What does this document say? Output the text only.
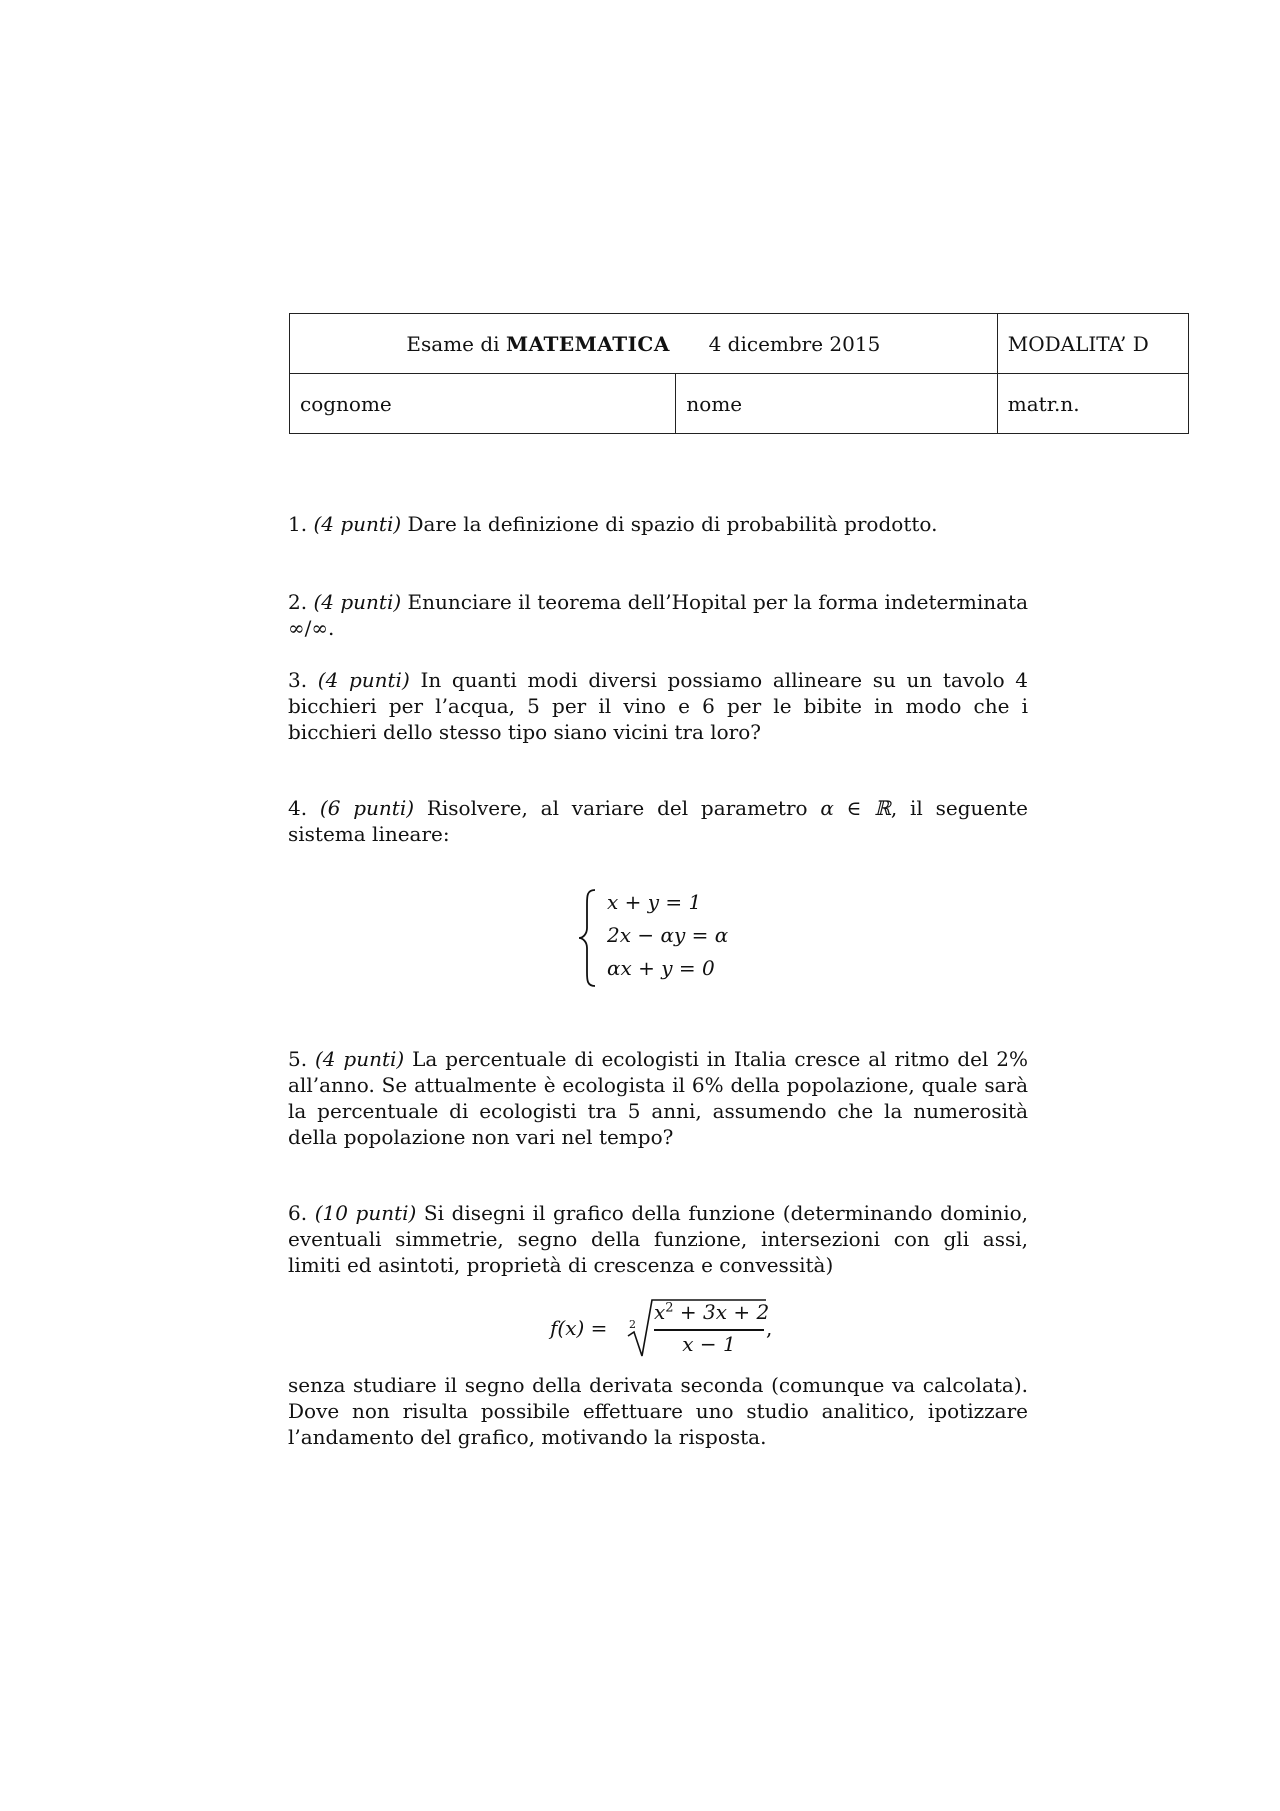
Esame di MATEMATICA 4 dicembre 2015		MODALITA’ D
cognome	nome	matr.n.
1. (4 punti) Dare la definizione di spazio di probabilità prodotto.
2. (4 punti) Enunciare il teorema dell’Hopital per la forma indeterminata ∞/∞.
3. (4 punti) In quanti modi diversi possiamo allineare su un tavolo 4 bicchieri per l’acqua, 5 per il vino e 6 per le bibite in modo che i bicchieri dello stesso tipo siano vicini tra loro?
4. (6 punti) Risolvere, al variare del parametro α ∈ ℝ, il seguente sistema lineare:
x + y = 1
2x − αy = α
αx + y = 0
5. (4 punti) La percentuale di ecologisti in Italia cresce al ritmo del 2% all’anno. Se attualmente è ecologista il 6% della popolazione, quale sarà la percentuale di ecologisti tra 5 anni, assumendo che la numerosità della popolazione non vari nel tempo?
6. (10 punti) Si disegni il grafico della funzione (determinando dominio, eventuali simmetrie, segno della funzione, intersezioni con gli assi, limiti ed asintoti, proprietà di crescenza e convessità)
f(x) = 2
$x^2 + 3x + 2$
x − 1
,
senza studiare il segno della derivata seconda (comunque va calcolata). Dove non risulta possibile effettuare uno studio analitico, ipotizzare l’andamento del grafico, motivando la risposta.
